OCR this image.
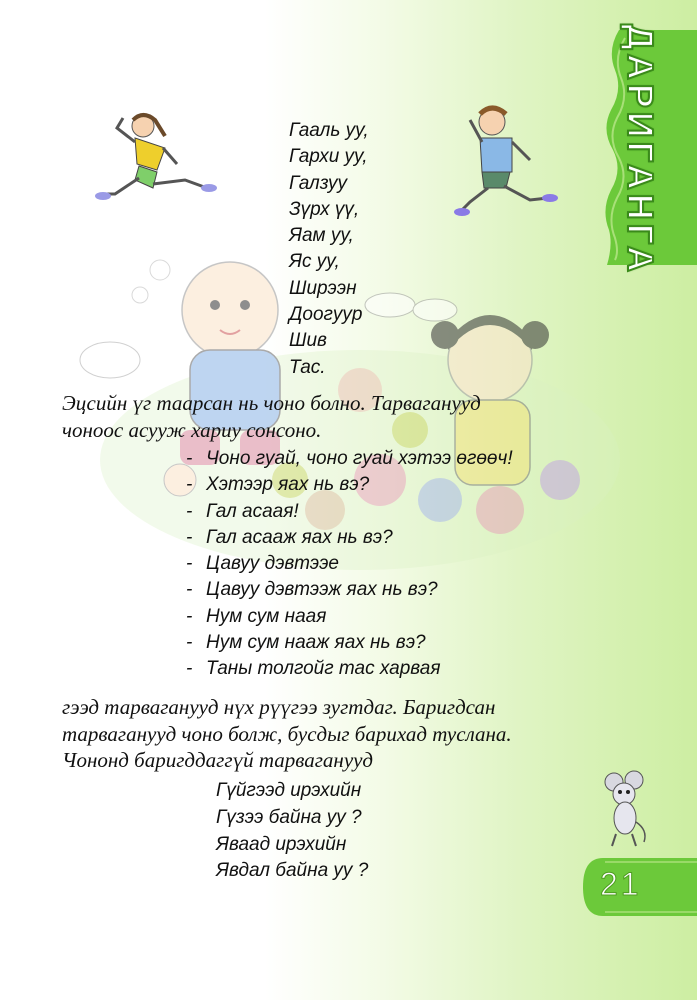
ДАРИГАНГА
Гааль уу,
Гархи уу,
Галзуу
Зүрх үү,
Яам уу,
Яс уу,
Ширээн
Доогуур
Шив
Тас.
Эцсийн үг таарсан нь чоно болно. Тарваганууд
чоноос асууж хариу сонсоно.
- Чоно гуай, чоно гуай хэтээ өгөөч!
- Хэтээр яах нь вэ?
- Гал асаая!
- Гал асааж яах нь вэ?
- Цавуу дэвтээе
- Цавуу дэвтээж яах нь вэ?
- Нум сум наая
- Нум сум нааж яах нь вэ?
- Таны толгойг тас харвая
гээд тарваганууд нүх рүүгээ зугтдаг. Баригдсан
тарваганууд чоно болж, бусдыг барихад туслана.
Чононд баригддаггүй тарваганууд
Гүйгээд ирэхийн
Гүзээ байна уу ?
Яваад ирэхийн
Явдал байна уу ?	21
